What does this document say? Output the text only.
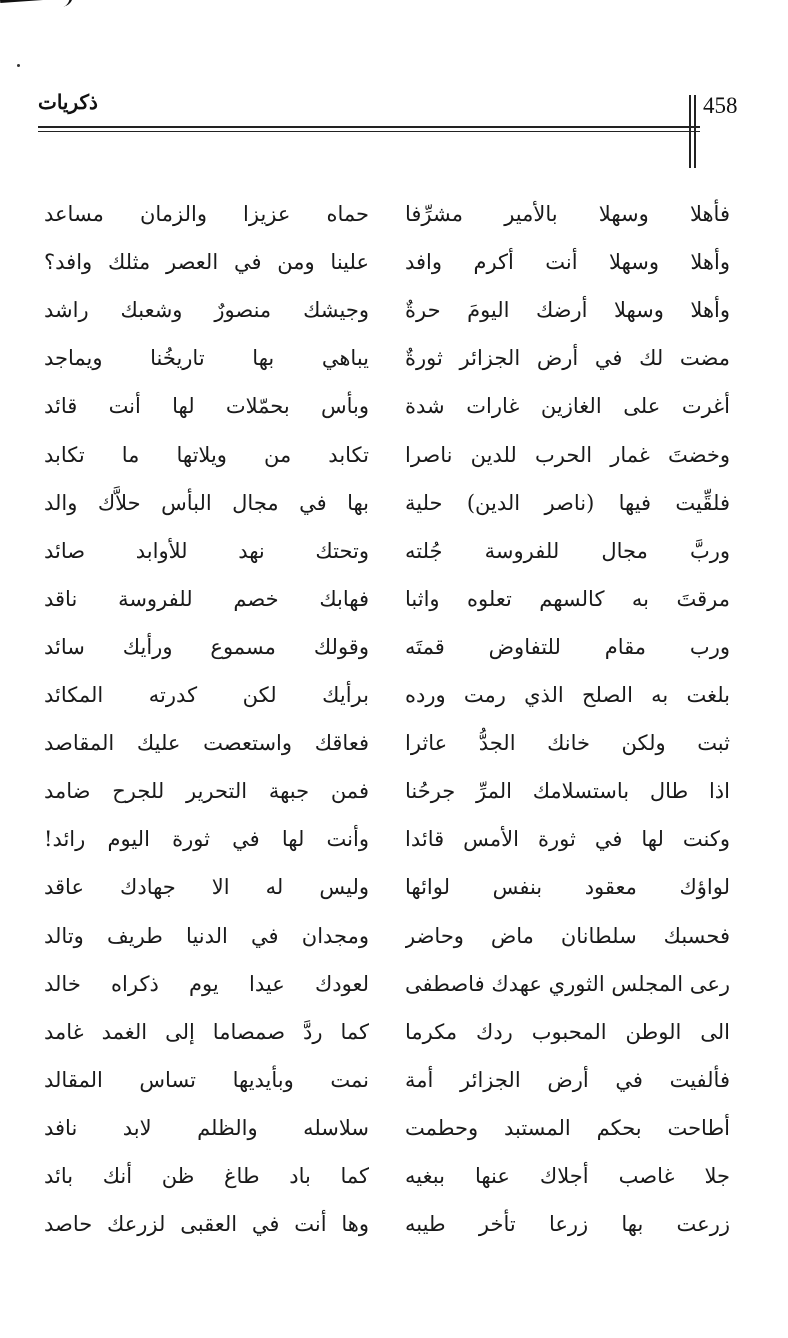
458
ذكريات
فأهلا وسهلا بالأمير مشرِّفا
حماه عزيزا والزمان مساعد
وأهلا وسهلا أنت أكرم وافد
علينا ومن في العصر مثلك وافد؟
وأهلا وسهلا أرضك اليومَ حرةٌ
وجيشك منصورٌ وشعبك راشد
مضت لك في أرض الجزائر ثورةٌ
يباهي بها تاريخُنا ويماجد
أغرت على الغازين غارات شدة
وبأس بحمّلات لها أنت قائد
وخضتَ غمار الحرب للدين ناصرا
تكابد من ويلاتها ما تكابد
فلقِّيت فيها (ناصر الدين) حلية
بها في مجال البأس حلاَّك والد
وربَّ مجال للفروسة جُلته
وتحتك نهد للأوابد صائد
مرقتَ به كالسهم تعلوه واثبا
فهابك خصم للفروسة ناقد
ورب مقام للتفاوض قمتَه
وقولك مسموع ورأيك سائد
بلغت به الصلح الذي رمت ورده
برأيك لكن كدرته المكائد
ثبت ولكن خانك الجدُّ عاثرا
فعاقك واستعصت عليك المقاصد
اذا طال باستسلامك المرِّ جرحُنا
فمن جبهة التحرير للجرح ضامد
وكنت لها في ثورة الأمس قائدا
وأنت لها في ثورة اليوم رائد!
لواؤك معقود بنفس لوائها
وليس له الا جهادك عاقد
فحسبك سلطانان ماض وحاضر
ومجدان في الدنيا طريف وتالد
رعى المجلس الثوري عهدك فاصطفى
لعودك عيدا يوم ذكراه خالد
الى الوطن المحبوب ردك مكرما
كما ردَّ صمصاما إلى الغمد غامد
فألفيت في أرض الجزائر أمة
نمت وبأيديها تساس المقالد
أطاحت بحكم المستبد وحطمت
سلاسله والظلم لابد نافد
جلا غاصب أجلاك عنها ببغيه
كما باد طاغ ظن أنك بائد
زرعت بها زرعا تأخر طيبه
وها أنت في العقبى لزرعك حاصد
